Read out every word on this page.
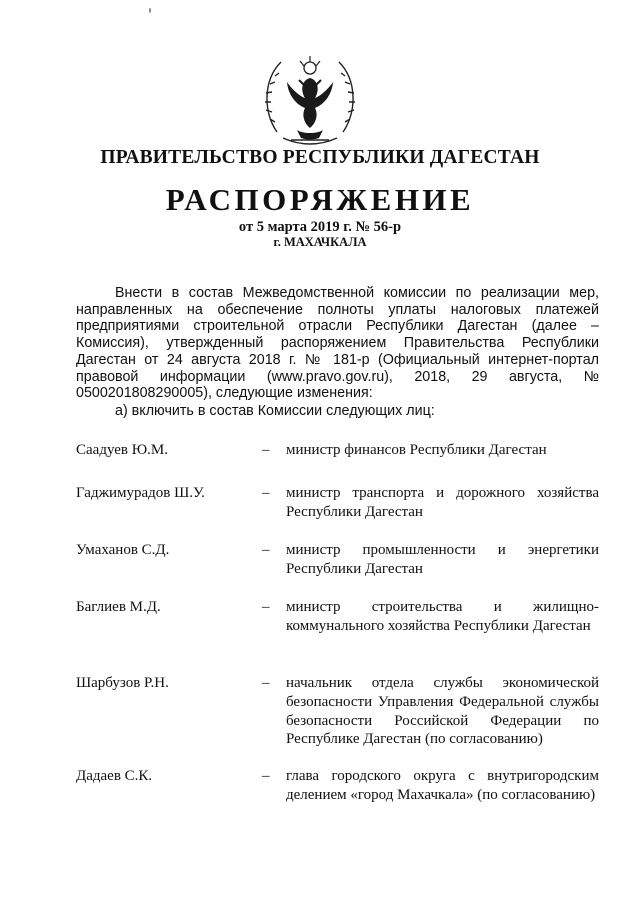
ПРАВИТЕЛЬСТВО РЕСПУБЛИКИ ДАГЕСТАН
РАСПОРЯЖЕНИЕ
от 5 марта 2019 г. № 56-р
г. МАХАЧКАЛА

Внести в состав Межведомственной комиссии по реализации мер, направленных на обеспечение полноты уплаты налоговых платежей предприятиями строительной отрасли Республики Дагестан (далее – Комиссия), утвержденный распоряжением Правительства Республики Дагестан от 24 августа 2018 г. № 181-р (Официальный интернет-портал правовой информации (www.pravo.gov.ru), 2018, 29 августа, № 0500201808290005), следующие изменения:

а) включить в состав Комиссии следующих лиц:

Саадуев Ю.М.	– министр финансов Республики Дагестан

Гаджимурадов Ш.У.	– министр транспорта и дорожного хозяйства Республики Дагестан

Умаханов С.Д.	– министр промышленности и энергетики Республики Дагестан

Баглиев М.Д.	– министр строительства и жилищно-коммунального хозяйства Республики Дагестан

Шарбузов Р.Н.	– начальник отдела службы экономической безопасности Управления Федеральной службы безопасности Российской Федерации по Республике Дагестан (по согласованию)

Дадаев С.К.	– глава городского округа с внутригородским делением «город Махачкала» (по согласованию)
